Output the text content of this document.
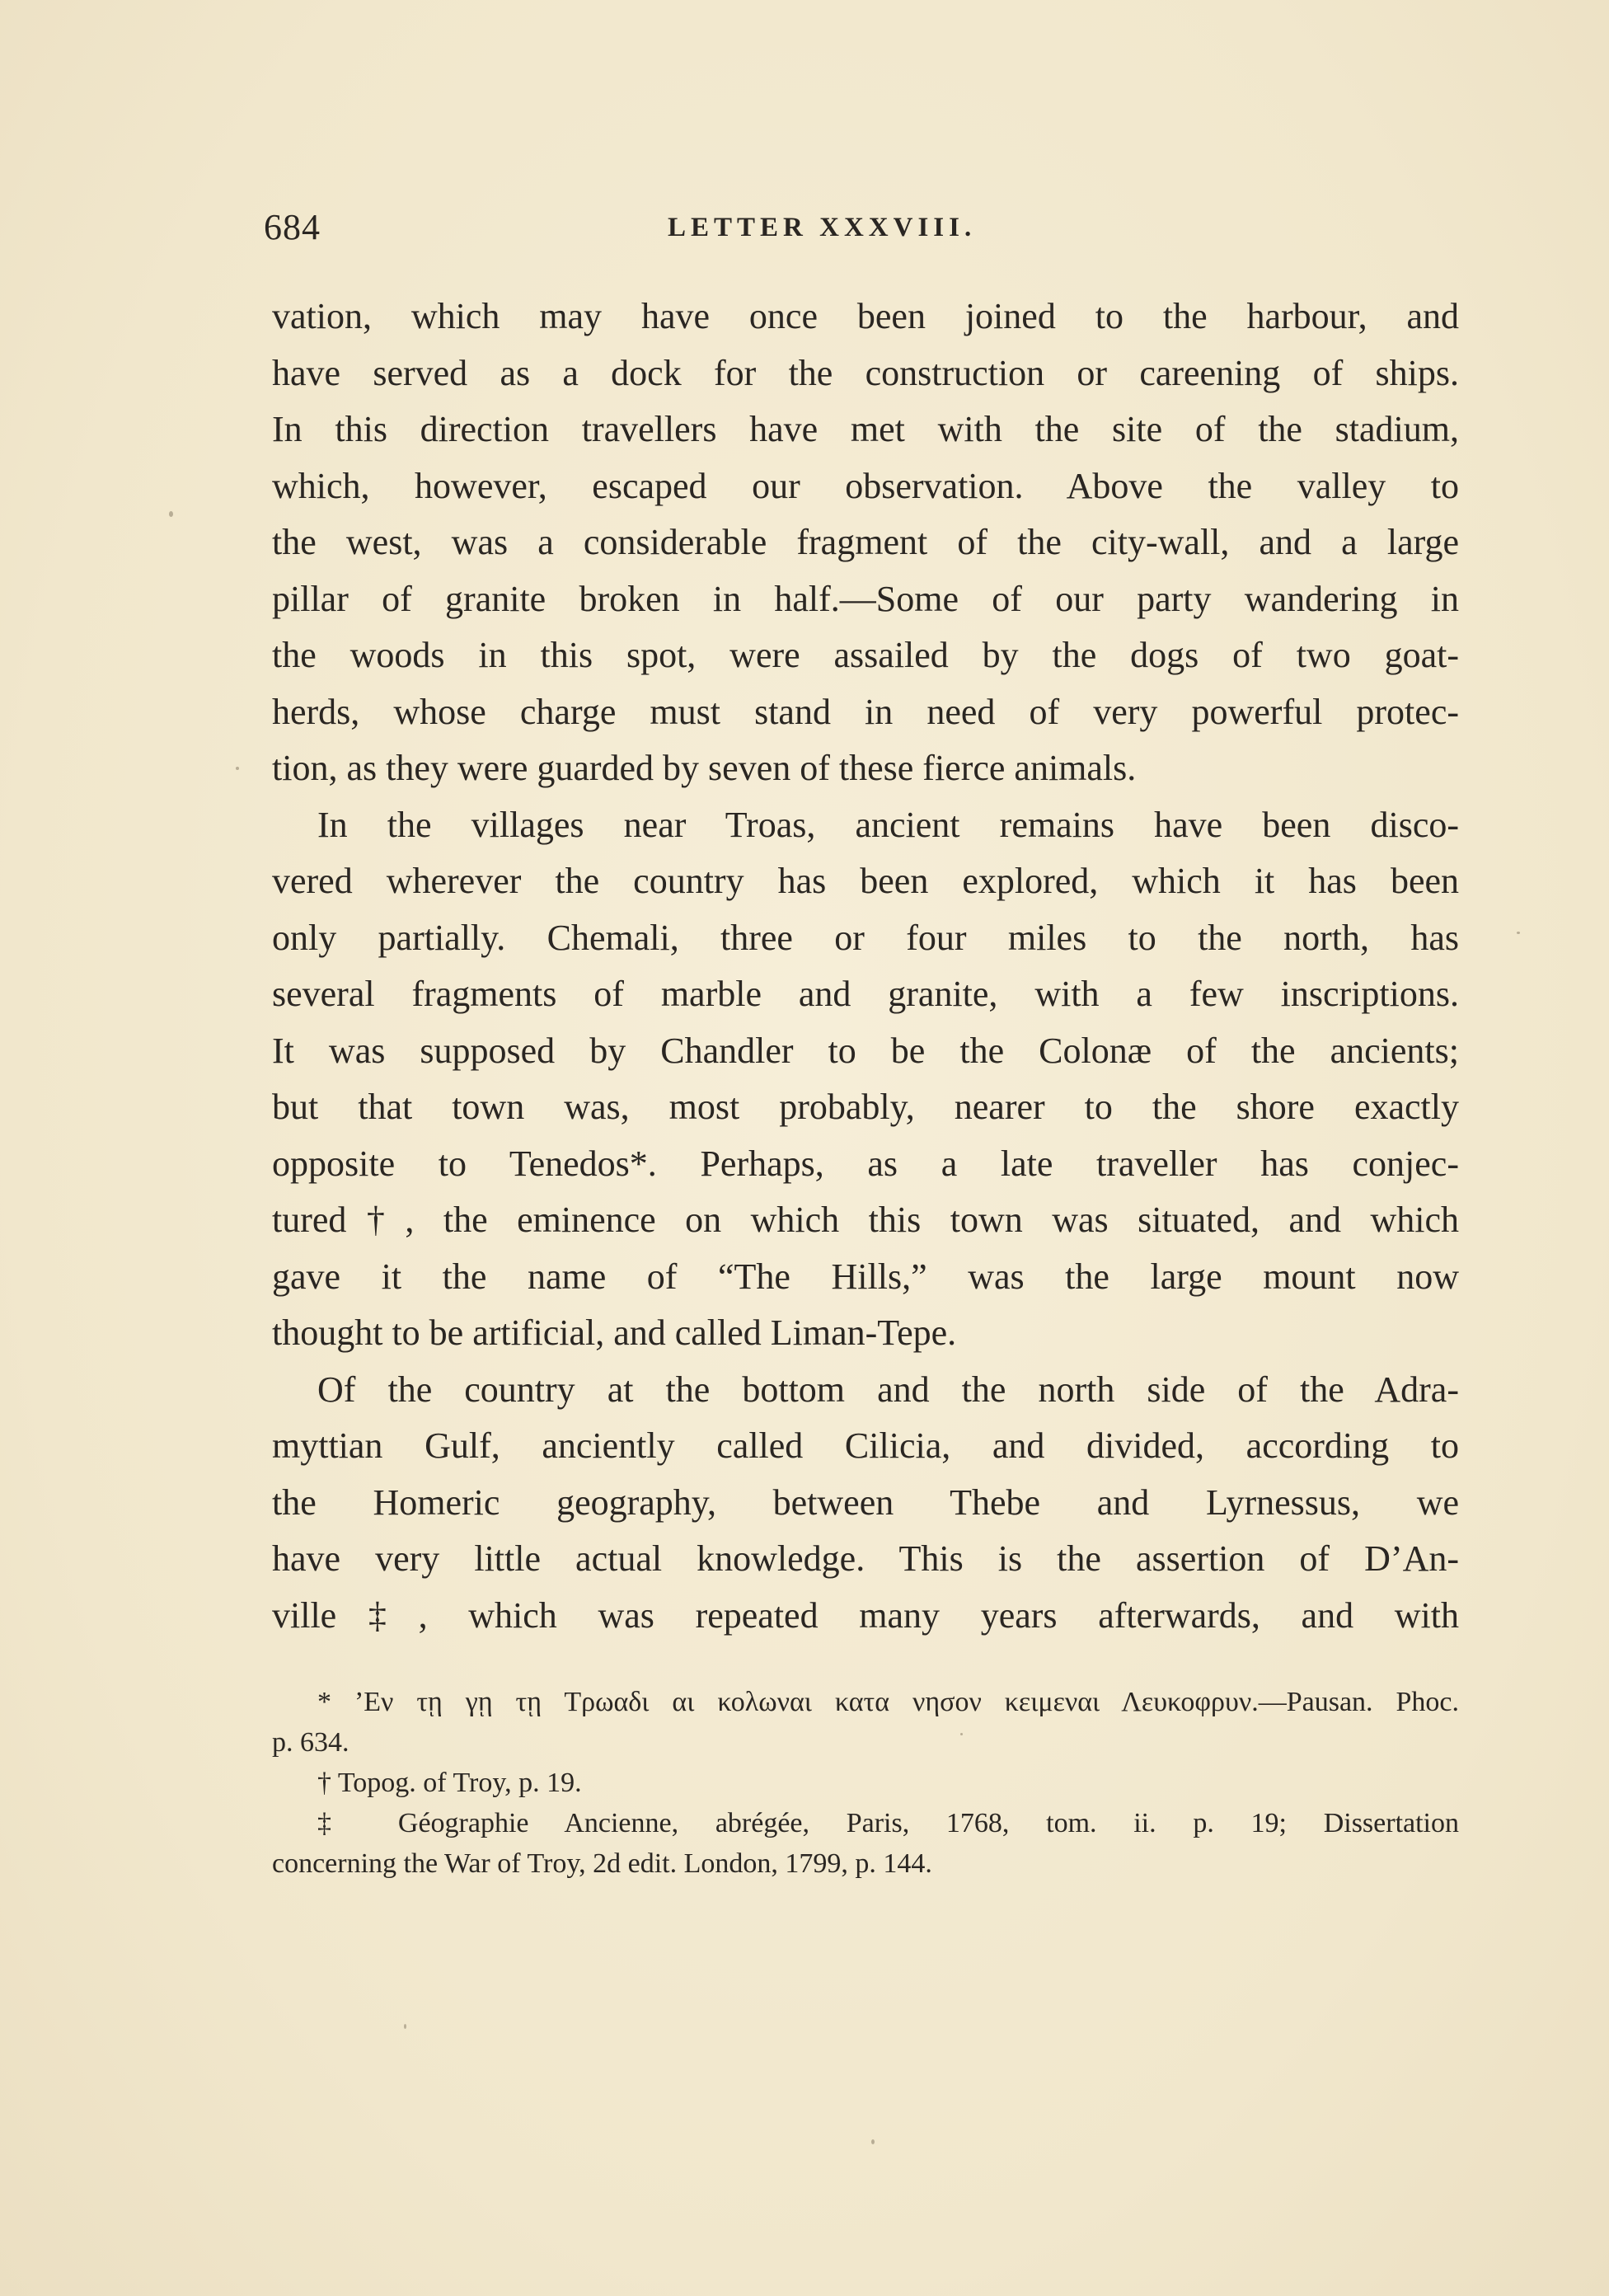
684	LETTER XXXVIII.
vation, which may have once been joined to the harbour, and
have served as a dock for the construction or careening of ships.
In this direction travellers have met with the site of the stadium,
which, however, escaped our observation. Above the valley to
the west, was a considerable fragment of the city-wall, and a large
pillar of granite broken in half.—Some of our party wandering in
the woods in this spot, were assailed by the dogs of two goat-
herds, whose charge must stand in need of very powerful protec-
tion, as they were guarded by seven of these fierce animals.
In the villages near Troas, ancient remains have been disco-
vered wherever the country has been explored, which it has been
only partially. Chemali, three or four miles to the north, has
several fragments of marble and granite, with a few inscriptions.
It was supposed by Chandler to be the Colonæ of the ancients;
but that town was, most probably, nearer to the shore exactly
opposite to Tenedos*. Perhaps, as a late traveller has conjec-
tured†, the eminence on which this town was situated, and which
gave it the name of “The Hills,” was the large mount now
thought to be artificial, and called Liman-Tepe.
Of the country at the bottom and the north side of the Adra-
myttian Gulf, anciently called Cilicia, and divided, according to
the Homeric geography, between Thebe and Lyrnessus, we
have very little actual knowledge. This is the assertion of D’An-
ville‡, which was repeated many years afterwards, and with
* ’Εν τῃ γῃ τῃ Τρωαδι αι κολωναι κατα νησον κειμεναι Λευκοφρυν.—Pausan. Phoc.
p. 634.
† Topog. of Troy, p. 19.
‡ Géographie Ancienne, abrégée, Paris, 1768, tom. ii. p. 19; Dissertation
concerning the War of Troy, 2d edit. London, 1799, p. 144.
